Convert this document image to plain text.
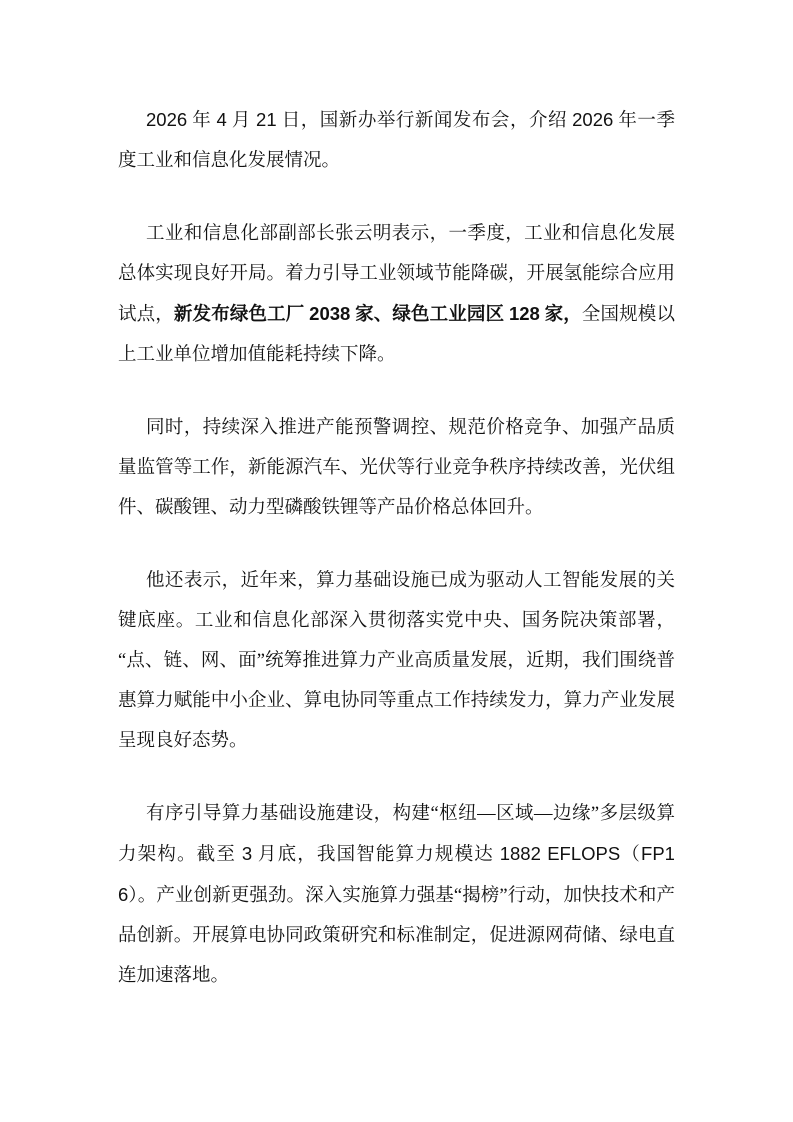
2026 年 4 月 21 日，国新办举行新闻发布会，介绍 2026 年一季度工业和信息化发展情况。

工业和信息化部副部长张云明表示，一季度，工业和信息化发展总体实现良好开局。着力引导工业领域节能降碳，开展氢能综合应用试点，新发布绿色工厂 2038 家、绿色工业园区 128 家，全国规模以上工业单位增加值能耗持续下降。

同时，持续深入推进产能预警调控、规范价格竞争、加强产品质量监管等工作，新能源汽车、光伏等行业竞争秩序持续改善，光伏组件、碳酸锂、动力型磷酸铁锂等产品价格总体回升。

他还表示，近年来，算力基础设施已成为驱动人工智能发展的关键底座。工业和信息化部深入贯彻落实党中央、国务院决策部署，“点、链、网、面”统筹推进算力产业高质量发展，近期，我们围绕普惠算力赋能中小企业、算电协同等重点工作持续发力，算力产业发展呈现良好态势。

有序引导算力基础设施建设，构建“枢纽—区域—边缘”多层级算力架构。截至 3 月底，我国智能算力规模达 1882 EFLOPS（FP16）。产业创新更强劲。深入实施算力强基“揭榜”行动，加快技术和产品创新。开展算电协同政策研究和标准制定，促进源网荷储、绿电直连加速落地。
